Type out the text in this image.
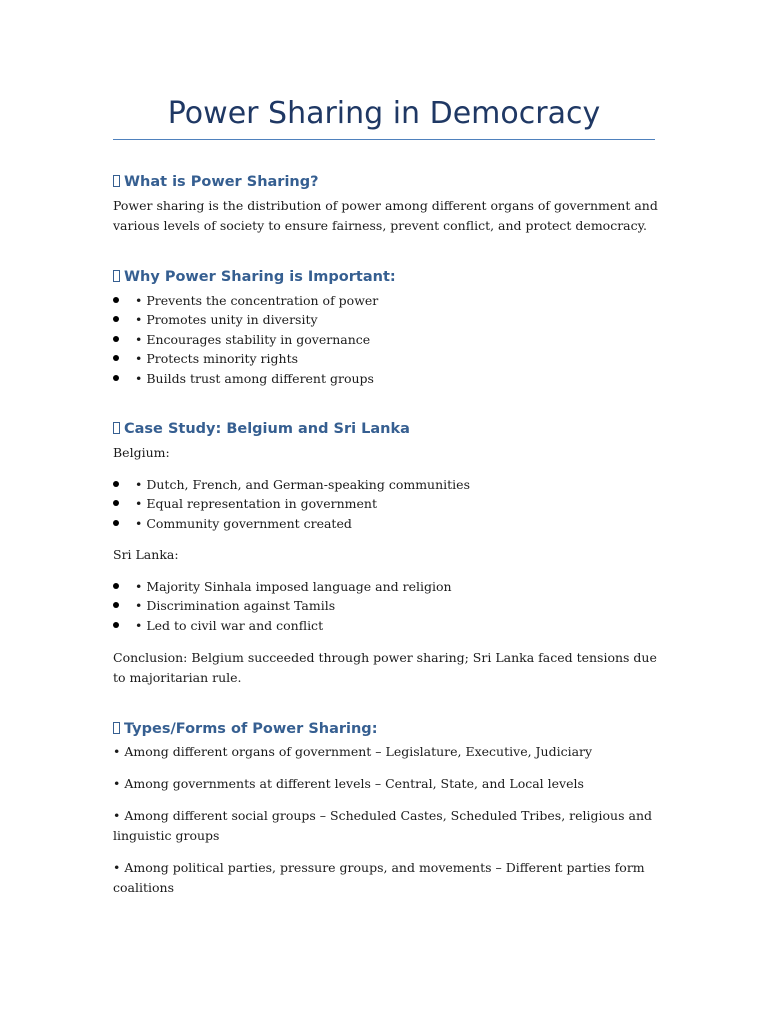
Power Sharing in Democracy
What is Power Sharing?

Power sharing is the distribution of power among different organs of government and various levels of society to ensure fairness, prevent conflict, and protect democracy.

Why Power Sharing is Important:
• Prevents the concentration of power
• Promotes unity in diversity
• Encourages stability in governance
• Protects minority rights
• Builds trust among different groups
Case Study: Belgium and Sri Lanka

Belgium:

• Dutch, French, and German-speaking communities
• Equal representation in government
• Community government created

Sri Lanka:

• Majority Sinhala imposed language and religion
• Discrimination against Tamils
• Led to civil war and conflict

Conclusion: Belgium succeeded through power sharing; Sri Lanka faced tensions due to majoritarian rule.

Types/Forms of Power Sharing:

• Among different organs of government – Legislature, Executive, Judiciary

• Among governments at different levels – Central, State, and Local levels

• Among different social groups – Scheduled Castes, Scheduled Tribes, religious and linguistic groups

• Among political parties, pressure groups, and movements – Different parties form coalitions
